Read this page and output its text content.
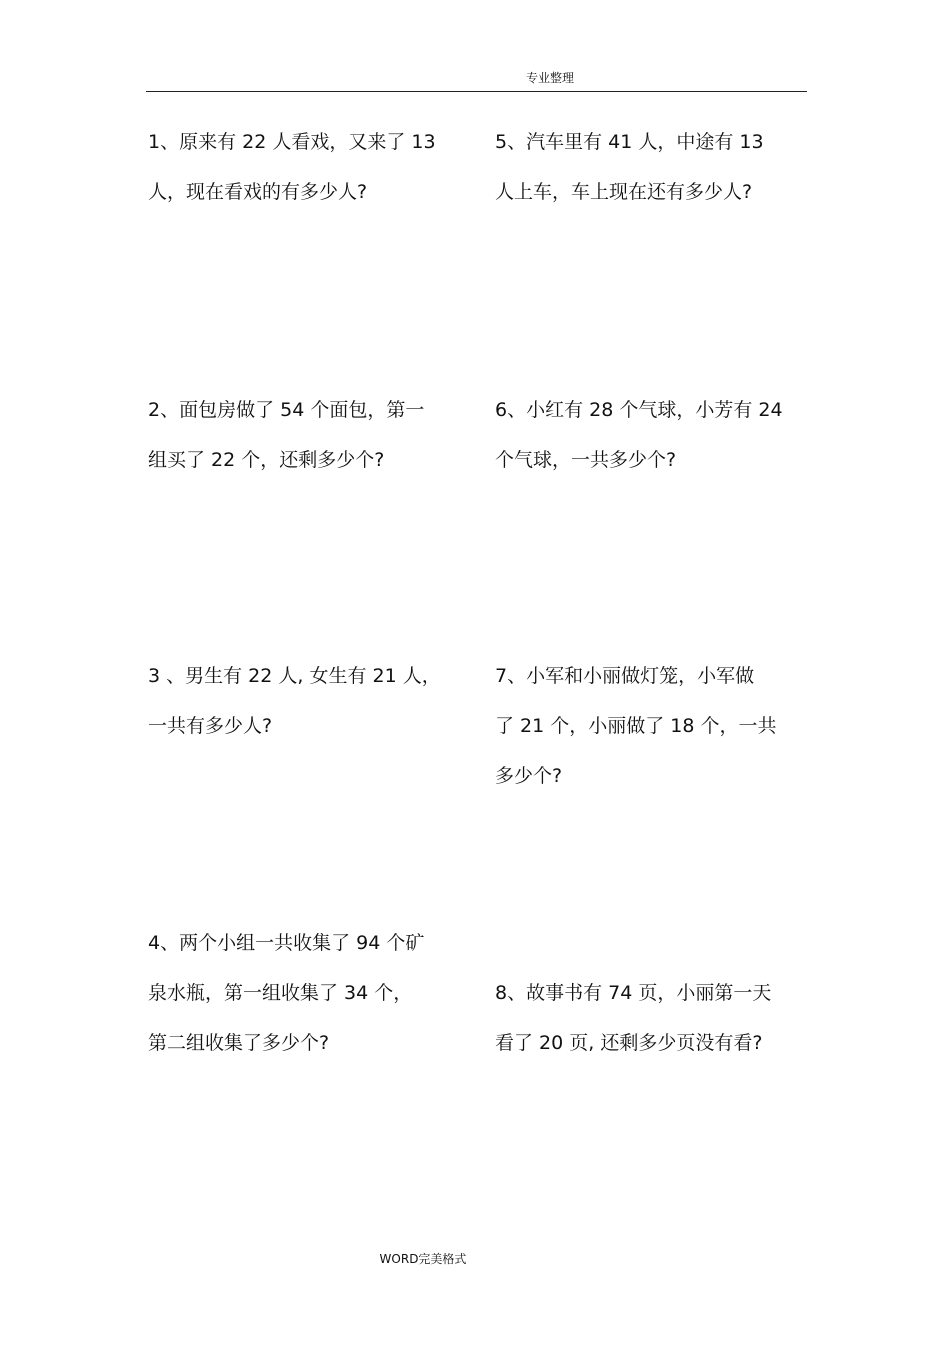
专业整理
1、原来有 22 人看戏，又来了 13
人，现在看戏的有多少人?
2、面包房做了 54 个面包，第一
组买了 22 个，还剩多少个?
3 、男生有 22 人, 女生有 21 人，
一共有多少人?
4、两个小组一共收集了 94 个矿
泉水瓶，第一组收集了 34 个，
第二组收集了多少个?
5、汽车里有 41 人，中途有 13
人上车，车上现在还有多少人?
6、小红有 28 个气球，小芳有 24
个气球，一共多少个?
7、小军和小丽做灯笼，小军做
了 21 个，小丽做了 18 个，一共
多少个?
8、故事书有 74 页，小丽第一天
看了 20 页, 还剩多少页没有看?
WORD完美格式
